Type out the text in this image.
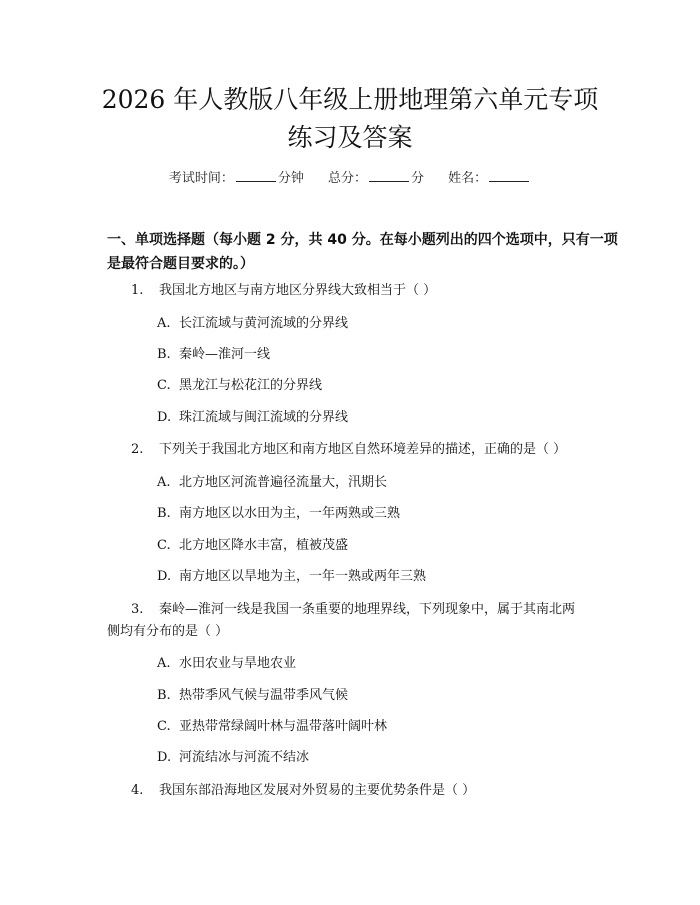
2026 年人教版八年级上册地理第六单元专项
练习及答案
考试时间：	分钟 总分：	分 姓名：
一、单项选择题（每小题 2 分，共 40 分。在每小题列出的四个选项中，只有一项
是最符合题目要求的。）
1. 我国北方地区与南方地区分界线大致相当于（ ）
A. 长江流域与黄河流域的分界线
B. 秦岭—淮河一线
C. 黑龙江与松花江的分界线
D. 珠江流域与闽江流域的分界线
2. 下列关于我国北方地区和南方地区自然环境差异的描述，正确的是（ ）
A. 北方地区河流普遍径流量大，汛期长
B. 南方地区以水田为主，一年两熟或三熟
C. 北方地区降水丰富，植被茂盛
D. 南方地区以旱地为主，一年一熟或两年三熟
3. 秦岭—淮河一线是我国一条重要的地理界线，下列现象中，属于其南北两
侧均有分布的是（ ）
A. 水田农业与旱地农业
B. 热带季风气候与温带季风气候
C. 亚热带常绿阔叶林与温带落叶阔叶林
D. 河流结冰与河流不结冰
4. 我国东部沿海地区发展对外贸易的主要优势条件是（ ）
